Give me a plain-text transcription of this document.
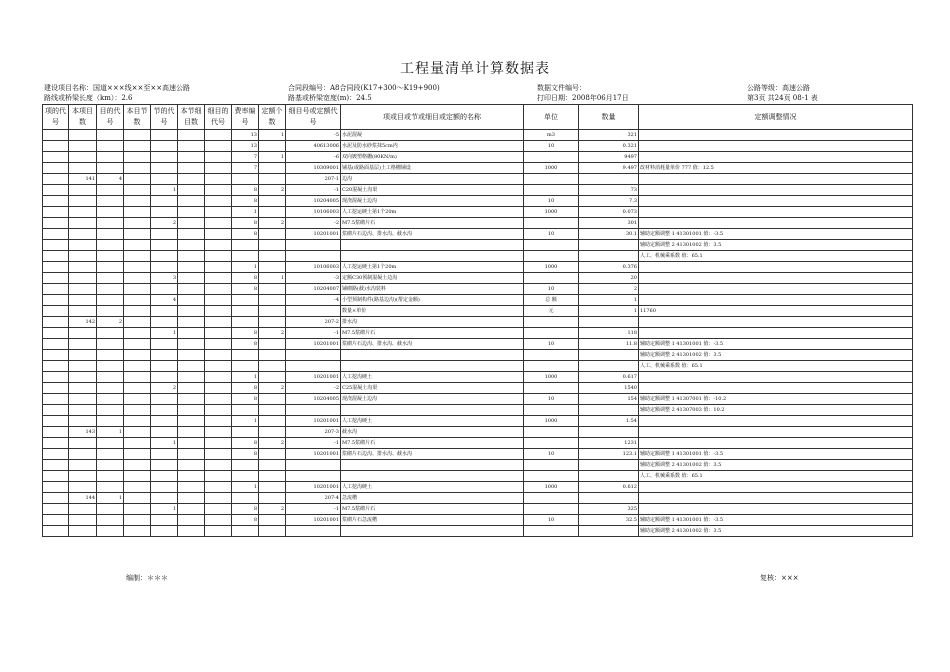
工程量清单计算数据表
建设项目名称：国道×××线××至××高速公路	合同段编号：A8合同段(K17+300～K19+900)	数据文件编号：	公路等级：高速公路
路线或桥梁长度（km）：2.6	路基或桥梁宽度(m)：24.5	打印日期：2008年06月17日	第3页 共24页 08-1 表
项的代号	本项目数	目的代号	本目节数	节的代号	本节细目数	细目的代号	费率编号	定额个数	细目号或定额代号	项或目或节或细目或定额的名称	单位	数量	定额调整情况
							13	1	-5	水泥混凝	m3	321	
							13		40613006	水泥及防水砂浆抹5cm内	10	0.321	
							7	1	-6	双向镀塑格栅(80KN/m)		9497	
							7		10309001	铺基(或路面基层)土工格栅铺设	1000	9.497	改材料消耗量单价 777 值：12.5
	141	4							207-1	边沟			
				1			8	2	-1	C20混凝土沟渠		73	
							8		10204005	现浇混凝土边沟	10	7.3	
							1		10106003	人工挖运硬土第1个20m	1000	0.073	
				2			8	2	-2	M7.5浆砌片石		301	
							8		10201001	浆砌片石边沟、排水沟、截水沟	10	30.1	辅助定额调整 1 41301001 值：-3.5
													辅助定额调整 2 41301002 值：3.5
													人工、机械乘系数 值：65.1
							1		10106003	人工挖运硬土第1个20m	1000	0.376	
				3			8	1	-3	定额C30预制混凝土边沟		20	
							8		10204007	铺砌路(截)水沟装料	10	2	
				4					-4	小型预制构件(路基边沟)(帮定金额)	总 额	1	
										数量×单价	元	1	11760
	142	2							207-2	排水沟			
				1			8	2	-1	M7.5浆砌片石		118	
							8		10201001	浆砌片石边沟、排水沟、截水沟	10	11.8	辅助定额调整 1 41301001 值：-3.5
													辅助定额调整 2 41301002 值：3.5
													人工、机械乘系数 值：65.1
							1		10201001	人工挖沟硬土	1000	0.617	
				2			8	2	-2	C25混凝土沟渠		1540	
							8		10204005	现浇混凝土边沟	10	154	辅助定额调整 1 41307001 值：-10.2
													辅助定额调整 2 41307003 值：10.2
							1		10201001	人工挖沟硬土	1000	1.54	
	143	1							207-3	截水沟			
				1			8	2	-1	M7.5浆砌片石		1231	
							8		10201001	浆砌片石边沟、排水沟、截水沟	10	123.1	辅助定额调整 1 41301001 值：-3.5
													辅助定额调整 2 41301002 值：3.5
													人工、机械乘系数 值：65.1
							1		10201001	人工挖沟硬土	1000	0.612	
	144	1							207-4	急流槽			
				1			8	2	-1	M7.5浆砌片石		325	
							8		10201001	浆砌片石急流槽	10	32.5	辅助定额调整 1 41301001 值：-3.5
													辅助定额调整 2 41301002 值：3.5
编制：＊＊＊	复核：×××
